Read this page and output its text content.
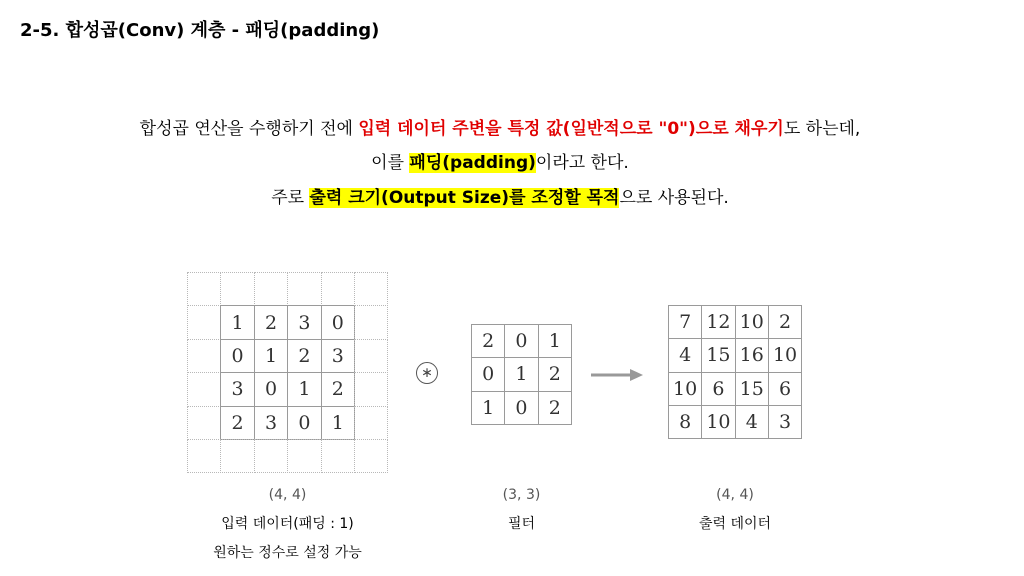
2-5. 합성곱(Conv) 계층 - 패딩(padding)
합성곱 연산을 수행하기 전에 입력 데이터 주변을 특정 값(일반적으로 "0")으로 채우기도 하는데,
이를 패딩(padding)이라고 한다.
주로 출력 크기(Output Size)를 조정할 목적으로 사용된다.
1	2	3	0
0	1	2	3
3	0	1	2
2	3	0	1
(4, 4)
입력 데이터(패딩 : 1)
원하는 정수로 설정 가능
∗
2	0	1
0	1	2
1	0	2
(3, 3)
필터
7 12 10 2
4 15 16 10
10 6 15 6
8 10 4	3
(4, 4)
출력 데이터
